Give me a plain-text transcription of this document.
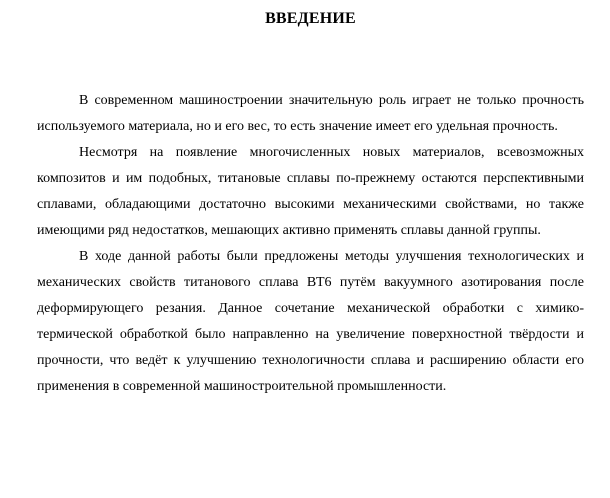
ВВЕДЕНИЕ

В современном машиностроении значительную роль играет не только прочность используемого материала, но и его вес, то есть значение имеет его удельная прочность.

Несмотря на появление многочисленных новых материалов, всевозможных композитов и им подобных, титановые сплавы по-прежнему остаются перспективными сплавами, обладающими достаточно высокими механическими свойствами, но также имеющими ряд недостатков, мешающих активно применять сплавы данной группы.

В ходе данной работы были предложены методы улучшения технологических и механических свойств титанового сплава ВТ6 путём вакуумного азотирования после деформирующего резания. Данное сочетание механической обработки с химико-термической обработкой было направленно на увеличение поверхностной твёрдости и прочности, что ведёт к улучшению технологичности сплава и расширению области его применения в современной машиностроительной промышленности.
